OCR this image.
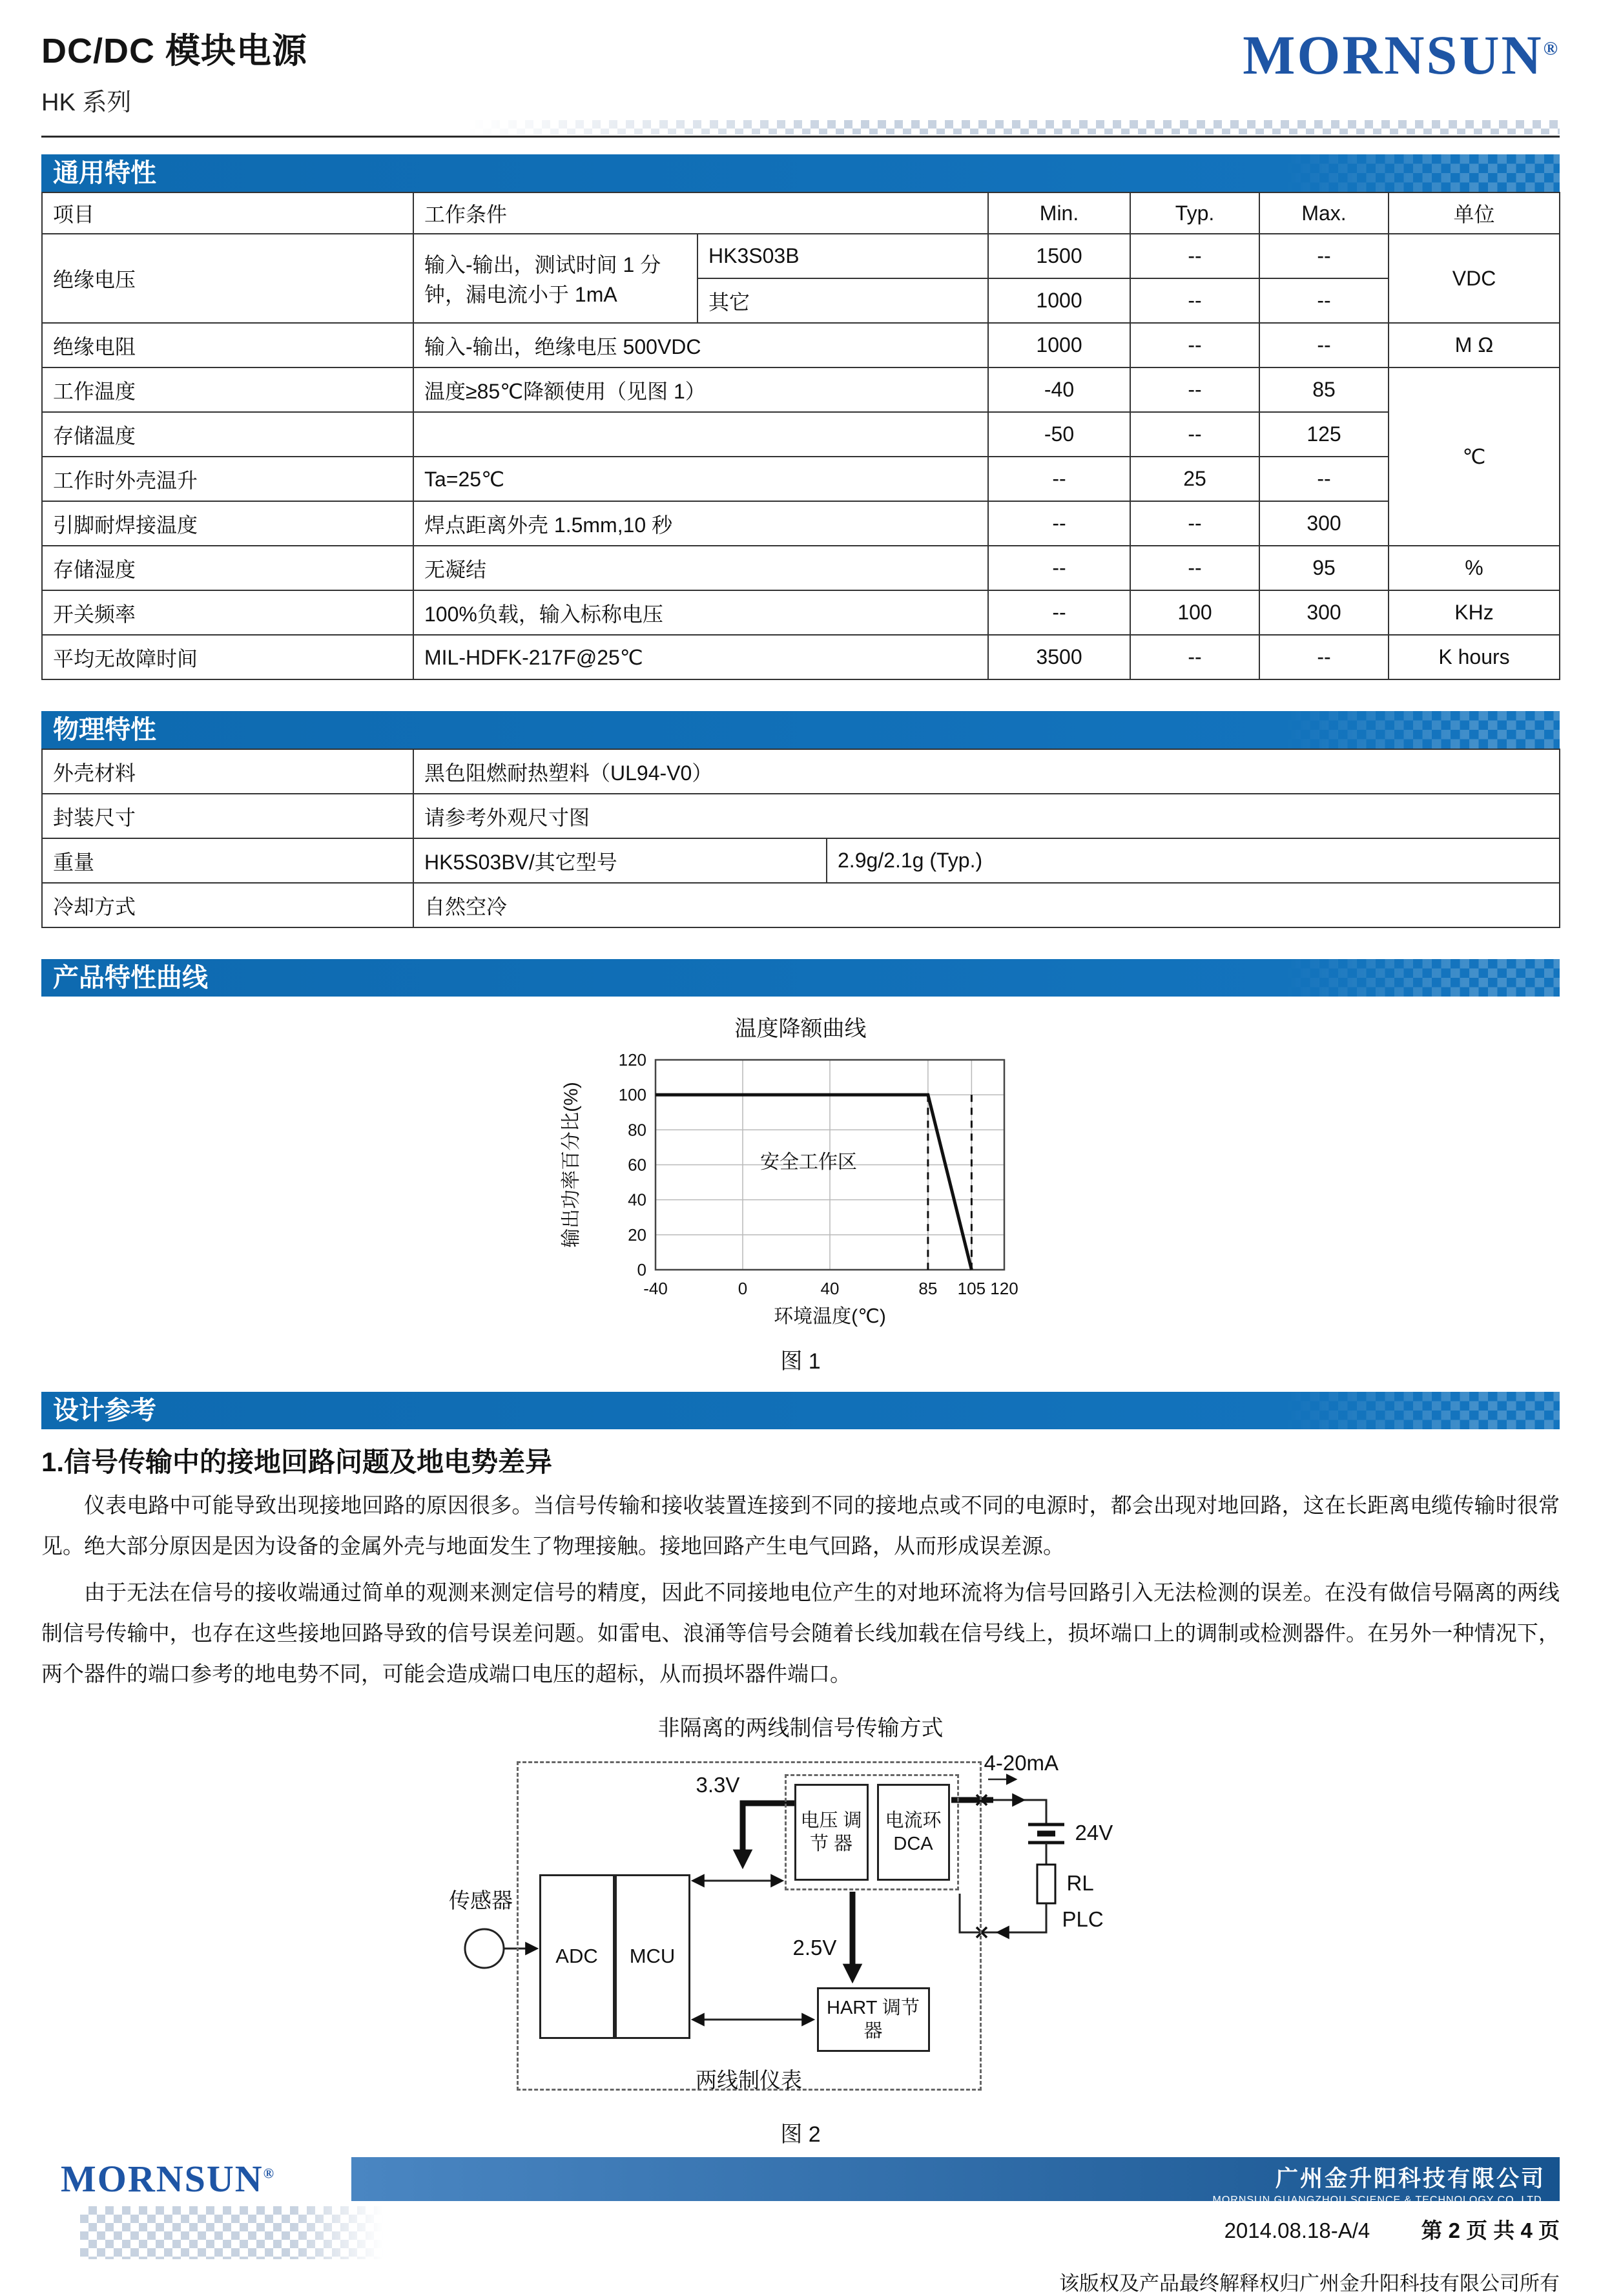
DC/DC 模块电源
HK 系列
MORNSUN®
通用特性
项目	工作条件		Min.	Typ.	Max.	单位
绝缘电压	输入-输出，测试时间 1 分钟，漏电流小于 1mA	HK3S03B	1500	--	--	VDC
		其它	1000	--	--	
绝缘电阻	输入-输出，绝缘电压 500VDC		1000	--	--	M Ω
工作温度	温度≥85℃降额使用（见图 1）		-40	--	85	℃
存储温度			-50	--	125	
工作时外壳温升	Ta=25℃		--	25	--	
引脚耐焊接温度	焊点距离外壳 1.5mm,10 秒		--	--	300	
存储湿度	无凝结		--	--	95	%
开关频率	100%负载，输入标称电压		--	100	300	KHz
平均无故障时间	MIL-HDFK-217F@25℃		3500	--	--	K hours
物理特性
外壳材料	黑色阻燃耐热塑料（UL94-V0）	
封装尺寸	请参考外观尺寸图	
重量	HK5S03BV/其它型号	2.9g/2.1g (Typ.)
冷却方式	自然空冷	
产品特性曲线
温度降额曲线
0
20
40
60
80
100
120
-40	0	40	85 105 120
安全工作区
输出功率百分比(%)
环境温度(℃)
图 1
设计参考
1.信号传输中的接地回路问题及地电势差异

仪表电路中可能导致出现接地回路的原因很多。当信号传输和接收装置连接到不同的接地点或不同的电源时，都会出现对地回路，这在长距离电缆传输时很常见。绝大部分原因是因为设备的金属外壳与地面发生了物理接触。接地回路产生电气回路，从而形成误差源。

由于无法在信号的接收端通过简单的观测来测定信号的精度，因此不同接地电位产生的对地环流将为信号回路引入无法检测的误差。在没有做信号隔离的两线制信号传输中，也存在这些接地回路导致的信号误差问题。如雷电、浪涌等信号会随着长线加载在信号线上，损坏端口上的调制或检测器件。在另外一种情况下，两个器件的端口参考的地电势不同，可能会造成端口电压的超标，从而损坏器件端口。

非隔离的两线制信号传输方式
ADC	MCU
电压 调节 器
电流环 DCA
HART 调节器
传感器
3.3V
2.5V
4-20mA
24V
RL
PLC
两线制仪表
图 2
MORNSUN®	广州金升阳科技有限公司
MORNSUN GUANGZHOU SCIENCE & TECHNOLOGY CO.,LTD.
2014.08.18-A/4 第 2 页 共 4 页
该版权及产品最终解释权归广州金升阳科技有限公司所有
